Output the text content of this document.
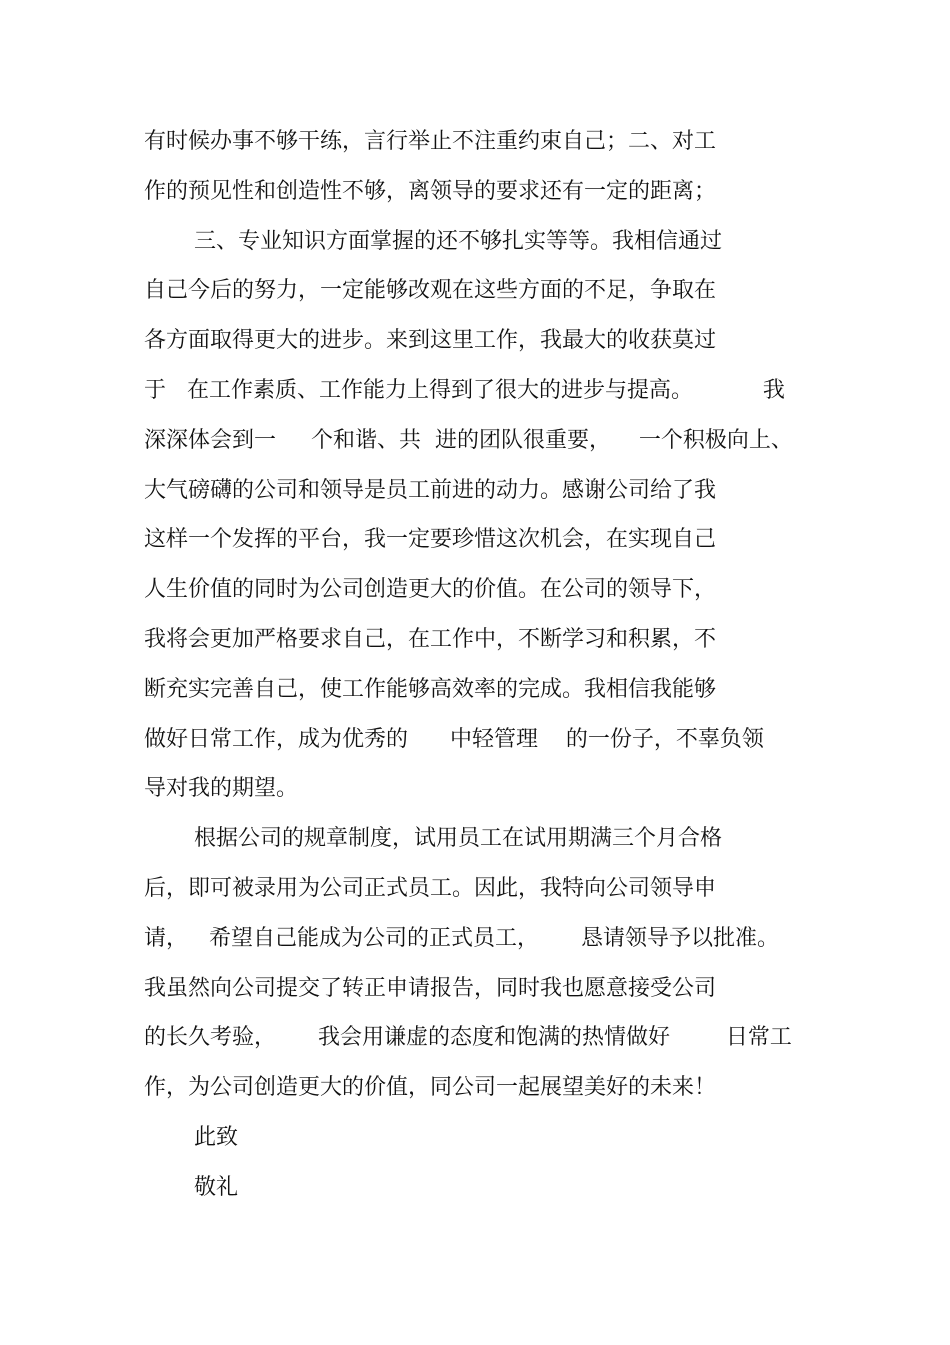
有时候办事不够干练，言行举止不注重约束自己；二、对工
作的预见性和创造性不够，离领导的要求还有一定的距离；
三、专业知识方面掌握的还不够扎实等等。我相信通过
自己今后的努力，一定能够改观在这些方面的不足，争取在
各方面取得更大的进步。来到这里工作，我最大的收获莫过
于   在工作素质、工作能力上得到了很大的进步与提高。          我
深深体会到一     个和谐、共  进的团队很重要，    一个积极向上、
大气磅礴的公司和领导是员工前进的动力。感谢公司给了我
这样一个发挥的平台，我一定要珍惜这次机会，在实现自己
人生价值的同时为公司创造更大的价值。在公司的领导下，
我将会更加严格要求自己，在工作中，不断学习和积累，不
断充实完善自己，使工作能够高效率的完成。我相信我能够
做好日常工作，成为优秀的      中轻管理    的一份子，不辜负领
导对我的期望。
根据公司的规章制度，试用员工在试用期满三个月合格
后，即可被录用为公司正式员工。因此，我特向公司领导申
请，   希望自己能成为公司的正式员工，      恳请领导予以批准。
我虽然向公司提交了转正申请报告，同时我也愿意接受公司
的长久考验，      我会用谦虚的态度和饱满的热情做好        日常工
作，为公司创造更大的价值，同公司一起展望美好的未来！
此致
敬礼
